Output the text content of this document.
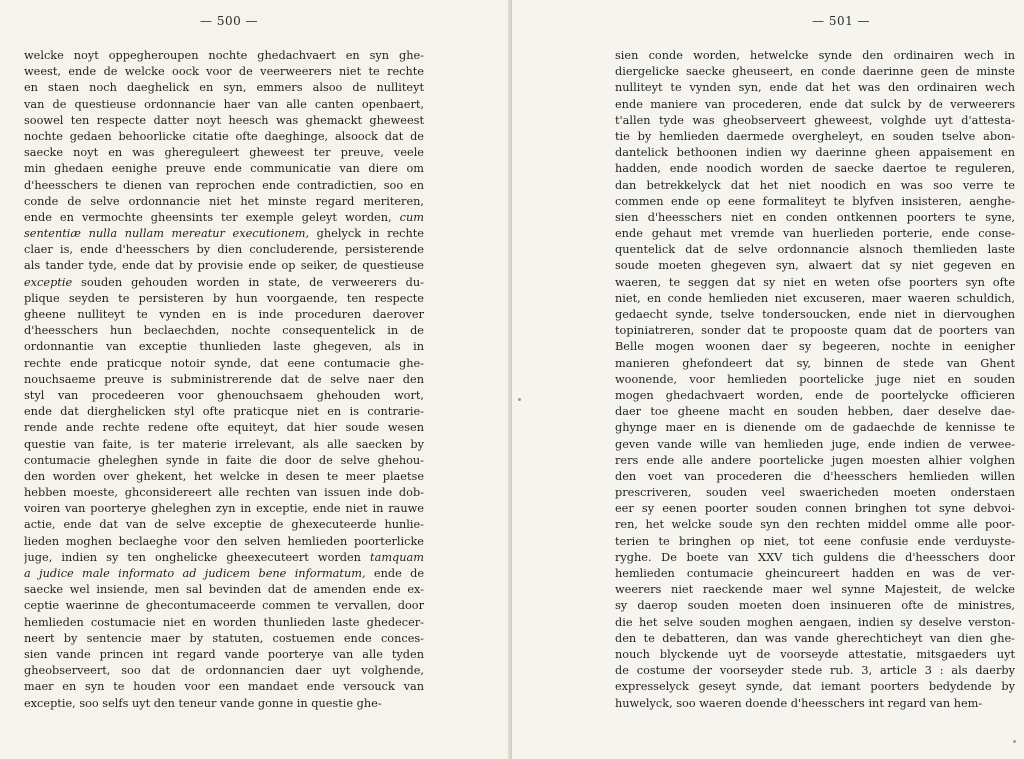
— 500 —
welcke noyt oppegheroupen nochte ghedachvaert en syn ghe-
weest, ende de welcke oock voor de veerweerers niet te rechte
en staen noch daeghelick en syn, emmers alsoo de nulliteyt
van de questieuse ordonnancie haer van alle canten openbaert,
soowel ten respecte datter noyt heesch was ghemackt gheweest
nochte gedaen behoorlicke citatie ofte daeghinge, alsoock dat de
saecke noyt en was ghereguleert gheweest ter preuve, veele
min ghedaen eenighe preuve ende communicatie van diere om
d'heesschers te dienen van reprochen ende contradictien, soo en
conde de selve ordonnancie niet het minste regard meriteren,
ende en vermochte gheensints ter exemple geleyt worden, cum
sententiæ nulla nullam mereatur executionem, ghelyck in rechte
claer is, ende d'heesschers by dien concluderende, persisterende
als tander tyde, ende dat by provisie ende op seiker, de questieuse
exceptie souden gehouden worden in state, de verweerers du-
plique seyden te persisteren by hun voorgaende, ten respecte
gheene nulliteyt te vynden en is inde proceduren daerover
d'heesschers hun beclaechden, nochte consequentelick in de
ordonnantie van exceptie thunlieden laste ghegeven, als in
rechte ende praticque notoir synde, dat eene contumacie ghe-
nouchsaeme preuve is subministrerende dat de selve naer den
styl van procedeeren voor ghenouchsaem ghehouden wort,
ende dat dierghelicken styl ofte praticque niet en is contrarie-
rende ande rechte redene ofte equiteyt, dat hier soude wesen
questie van faite, is ter materie irrelevant, als alle saecken by
contumacie gheleghen synde in faite die door de selve ghehou-
den worden over ghekent, het welcke in desen te meer plaetse
hebben moeste, ghconsidereert alle rechten van issuen inde dob-
voiren van poorterye gheleghen zyn in exceptie, ende niet in rauwe
actie, ende dat van de selve exceptie de ghexecuteerde hunlie-
lieden moghen beclaeghe voor den selven hemlieden poorterlicke
juge, indien sy ten onghelicke gheexecuteert worden tamquam
a judice male informato ad judicem bene informatum, ende de
saecke wel insiende, men sal bevinden dat de amenden ende ex-
ceptie waerinne de ghecontumaceerde commen te vervallen, door
hemlieden costumacie niet en worden thunlieden laste ghedecer-
neert by sentencie maer by statuten, costuemen ende conces-
sien vande princen int regard vande poorterye van alle tyden
gheobserveert, soo dat de ordonnancien daer uyt volghende,
maer en syn te houden voor een mandaet ende versouck van
exceptie, soo selfs uyt den teneur vande gonne in questie ghe-
— 501 —
sien conde worden, hetwelcke synde den ordinairen wech in
diergelicke saecke gheuseert, en conde daerinne geen de minste
nulliteyt te vynden syn, ende dat het was den ordinairen wech
ende maniere van procederen, ende dat sulck by de verweerers
t'allen tyde was gheobserveert gheweest, volghde uyt d'attesta-
tie by hemlieden daermede overgheleyt, en souden tselve abon-
dantelick bethoonen indien wy daerinne gheen appaisement en
hadden, ende noodich worden de saecke daertoe te reguleren,
dan betrekkelyck dat het niet noodich en was soo verre te
commen ende op eene formaliteyt te blyfven insisteren, aenghe-
sien d'heesschers niet en conden ontkennen poorters te syne,
ende gehaut met vremde van huerlieden porterie, ende conse-
quentelick dat de selve ordonnancie alsnoch themlieden laste
soude moeten ghegeven syn, alwaert dat sy niet gegeven en
waeren, te seggen dat sy niet en weten ofse poorters syn ofte
niet, en conde hemlieden niet excuseren, maer waeren schuldich,
gedaecht synde, tselve tondersoucken, ende niet in diervoughen
topiniatreren, sonder dat te propooste quam dat de poorters van
Belle mogen woonen daer sy begeeren, nochte in eenigher
manieren ghefondeert dat sy, binnen de stede van Ghent
woonende, voor hemlieden poortelicke juge niet en souden
mogen ghedachvaert worden, ende de poortelycke officieren
daer toe gheene macht en souden hebben, daer deselve dae-
ghynge maer en is dienende om de gadaechde de kennisse te
geven vande wille van hemlieden juge, ende indien de verwee-
rers ende alle andere poortelicke jugen moesten alhier volghen
den voet van procederen die d'heesschers hemlieden willen
prescriveren, souden veel swaericheden moeten onderstaen
eer sy eenen poorter souden connen bringhen tot syne debvoi-
ren, het welcke soude syn den rechten middel omme alle poor-
terien te bringhen op niet, tot eene confusie ende verduyste-
ryghe. De boete van XXV tich guldens die d'heesschers door
hemlieden contumacie gheincureert hadden en was de ver-
weerers niet raeckende maer wel synne Majesteit, de welcke
sy daerop souden moeten doen insinueren ofte de ministres,
die het selve souden moghen aengaen, indien sy deselve verston-
den te debatteren, dan was vande gherechticheyt van dien ghe-
nouch blyckende uyt de voorseyde attestatie, mitsgaeders uyt
de costume der voorseyder stede rub. 3, article 3 : als daerby
expresselyck geseyt synde, dat iemant poorters bedydende by
huwelyck, soo waeren doende d'heesschers int regard van hem-
